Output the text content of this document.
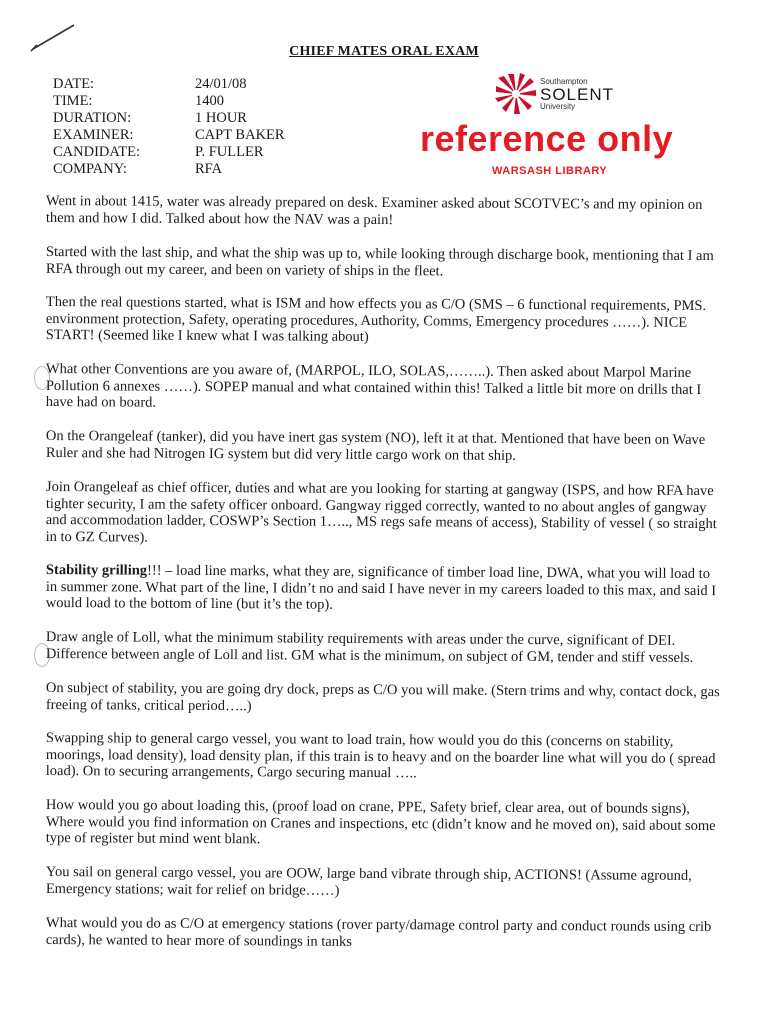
CHIEF MATES ORAL EXAM
DATE:	24/01/08
TIME:	1400
DURATION:	1 HOUR
EXAMINER:	CAPT BAKER
CANDIDATE:	P. FULLER
COMPANY:	RFA
Southampton
SOLENT
University
reference only
WARSASH LIBRARY

Went in about 1415, water was already prepared on desk. Examiner asked about SCOTVEC’s and my opinion on them and how I did. Talked about how the NAV was a pain!

Started with the last ship, and what the ship was up to, while looking through discharge book, mentioning that I am RFA through out my career, and been on variety of ships in the fleet.

Then the real questions started, what is ISM and how effects you as C/O (SMS – 6 functional requirements, PMS. environment protection, Safety, operating procedures, Authority, Comms, Emergency procedures ……). NICE START! (Seemed like I knew what I was talking about)

What other Conventions are you aware of, (MARPOL, ILO, SOLAS,……..). Then asked about Marpol Marine Pollution 6 annexes ……). SOPEP manual and what contained within this! Talked a little bit more on drills that I have had on board.

On the Orangeleaf (tanker), did you have inert gas system (NO), left it at that. Mentioned that have been on Wave Ruler and she had Nitrogen IG system but did very little cargo work on that ship.

Join Orangeleaf as chief officer, duties and what are you looking for starting at gangway (ISPS, and how RFA have tighter security, I am the safety officer onboard. Gangway rigged correctly, wanted to no about angles of gangway and accommodation ladder, COSWP’s Section 1….., MS regs safe means of access), Stability of vessel ( so straight in to GZ Curves).

Stability grilling!!! – load line marks, what they are, significance of timber load line, DWA, what you will load to in summer zone. What part of the line, I didn’t no and said I have never in my careers loaded to this max, and said I would load to the bottom of line (but it’s the top).

Draw angle of Loll, what the minimum stability requirements with areas under the curve, significant of DEI. Difference between angle of Loll and list. GM what is the minimum, on subject of GM, tender and stiff vessels.

On subject of stability, you are going dry dock, preps as C/O you will make. (Stern trims and why, contact dock, gas freeing of tanks, critical period…..)

Swapping ship to general cargo vessel, you want to load train, how would you do this (concerns on stability, moorings, load density), load density plan, if this train is to heavy and on the boarder line what will you do ( spread load). On to securing arrangements, Cargo securing manual …..

How would you go about loading this, (proof load on crane, PPE, Safety brief, clear area, out of bounds signs), Where would you find information on Cranes and inspections, etc (didn’t know and he moved on), said about some type of register but mind went blank.

You sail on general cargo vessel, you are OOW, large band vibrate through ship, ACTIONS! (Assume aground, Emergency stations; wait for relief on bridge……)

What would you do as C/O at emergency stations (rover party/damage control party and conduct rounds using crib cards), he wanted to hear more of soundings in tanks
